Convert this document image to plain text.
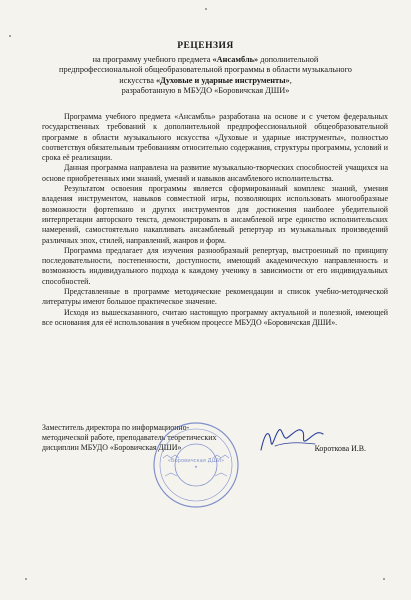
РЕЦЕНЗИЯ
на программу учебного предмета «Ансамбль» дополнительной
предпрофессиональной общеобразовательной программы в области музыкального
искусства «Духовые и ударные инструменты»,
разработанную в МБУДО «Боровичская ДШИ»

Программа учебного предмета «Ансамбль» разработана на основе и с учетом федеральных государственных требований к дополнительной предпрофессиональной общеобразовательной программе в области музыкального искусства «Духовые и ударные инструменты», полностью соответствуя обязательным требованиям относительно содержания, структуры программы, условий и срока её реализации.

Данная программа направлена на развитие музыкально-творческих способностей учащихся на основе приобретенных ими знаний, умений и навыков ансамблевого исполнительства.

Результатом освоения программы является сформированный комплекс знаний, умения владения инструментом, навыков совместной игры, позволяющих использовать многообразные возможности фортепиано и других инструментов для достижения наиболее убедительной интерпретации авторского текста, демонстрировать в ансамблевой игре единство исполнительских намерений, самостоятельно накапливать ансамблевый репертуар из музыкальных произведений различных эпох, стилей, направлений, жанров и форм.

Программа предлагает для изучения разнообразный репертуар, выстроенный по принципу последовательности, постепенности, доступности, имеющий академическую направленность и возможность индивидуального подхода к каждому ученику в зависимости от его индивидуальных способностей.

Представленные в программе методические рекомендации и список учебно-методической литературы имеют большое практическое значение.

Исходя из вышесказанного, считаю настоящую программу актуальной и полезной, имеющей все основания для её использования в учебном процессе МБУДО «Боровичская ДШИ».

Заместитель директора по информационно-
методической работе, преподаватель теоретических
дисциплин МБУДО «Боровичская ДШИ»	Короткова И.В.
«Боровичская ДШИ»
★
